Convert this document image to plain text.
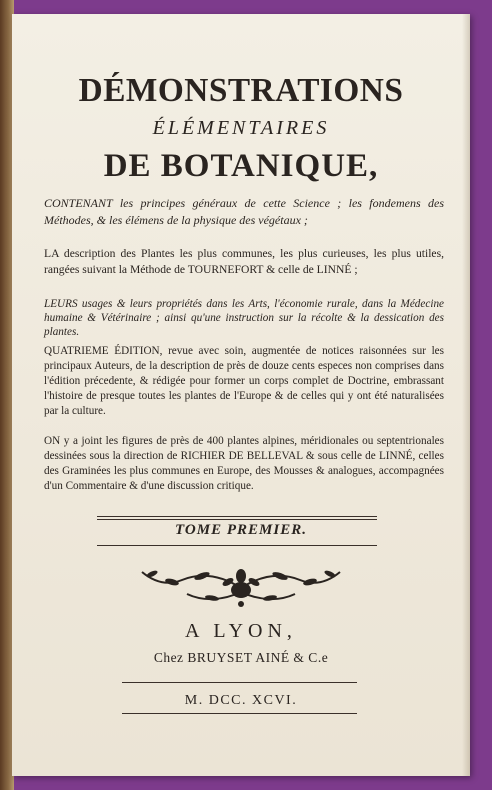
DÉMONSTRATIONS
ÉLÉMENTAIRES
DE BOTANIQUE,

CONTENANT les principes généraux de cette Science ; les fondemens des Méthodes, & les élémens de la physique des végétaux ;

LA description des Plantes les plus communes, les plus curieuses, les plus utiles, rangées suivant la Méthode de TOURNEFORT & celle de LINNÉ ;

LEURS usages & leurs propriétés dans les Arts, l'économie rurale, dans la Médecine humaine & Vétérinaire ; ainsi qu'une instruction sur la récolte & la dessication des plantes.

QUATRIEME ÉDITION, revue avec soin, augmentée de notices raisonnées sur les principaux Auteurs, de la description de près de douze cents especes non comprises dans l'édition précedente, & rédigée pour former un corps complet de Doctrine, embrassant l'histoire de presque toutes les plantes de l'Europe & de celles qui y ont été naturalisées par la culture.

ON y a joint les figures de près de 400 plantes alpines, méridionales ou septentrionales dessinées sous la direction de RICHIER DE BELLEVAL & sous celle de LINNÉ, celles des Graminées les plus communes en Europe, des Mousses & analogues, accompagnées d'un Commentaire & d'une discussion critique.

TOME PREMIER.
A LYON,
Chez BRUYSET AINÉ & C.e
M. DCC. XCVI.
